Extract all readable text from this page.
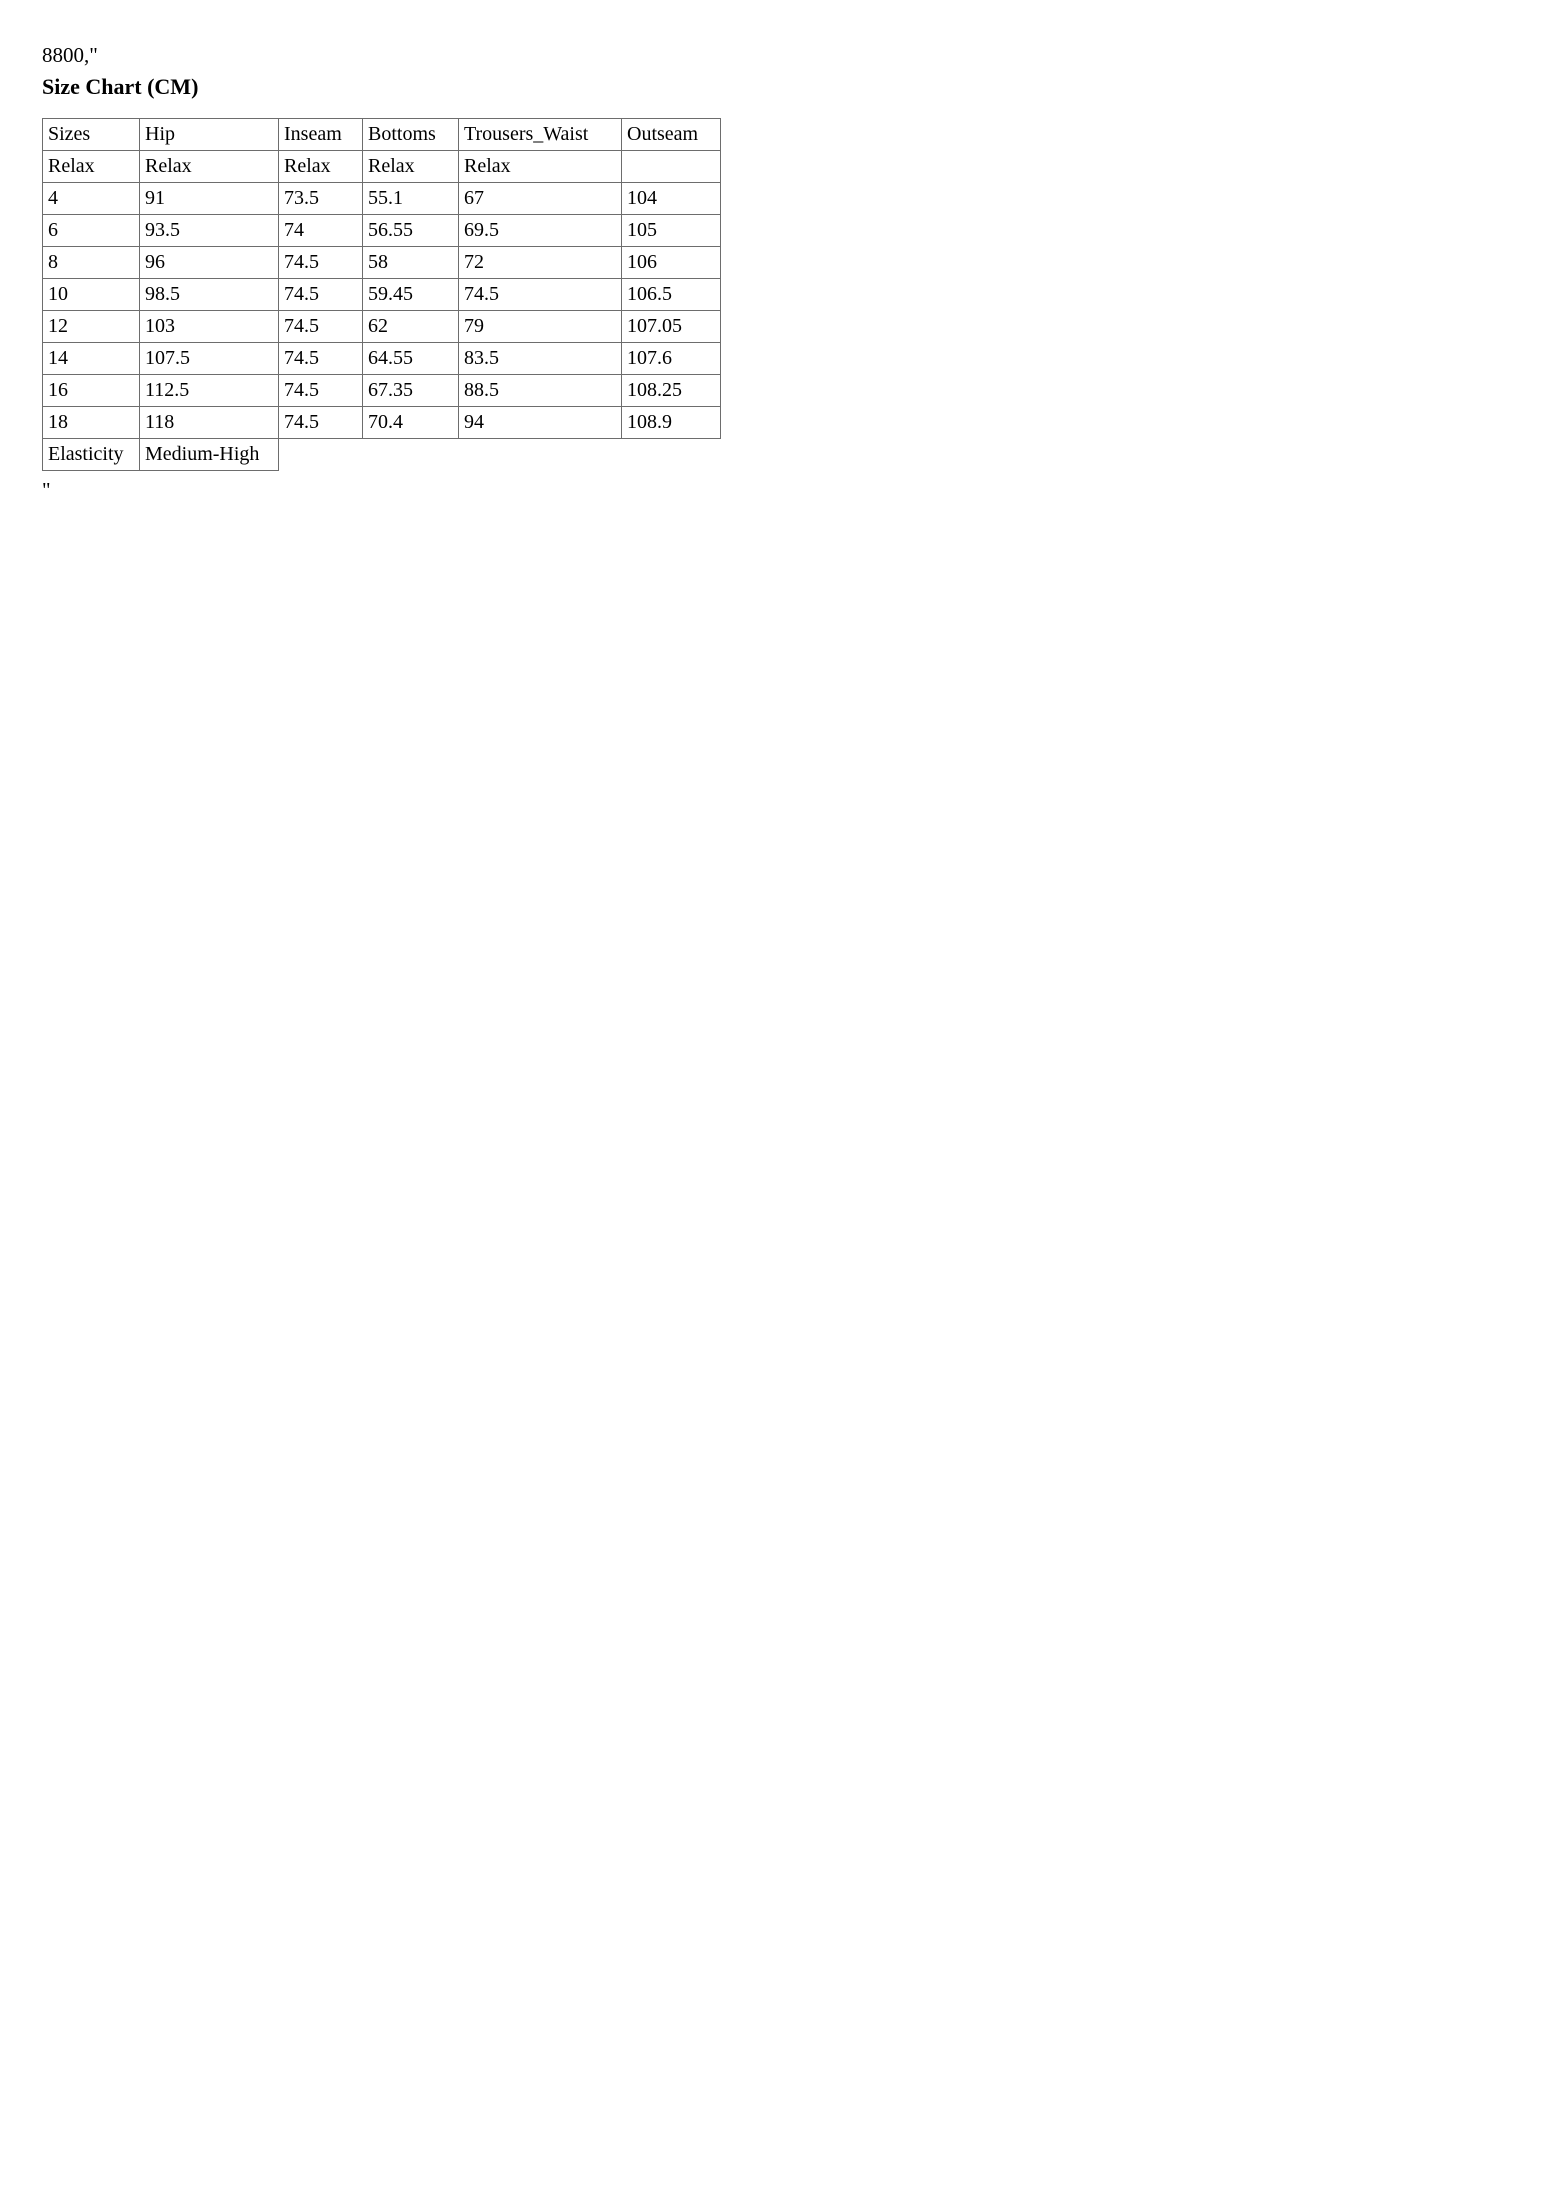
8800,"

Size Chart (CM)

Sizes	Hip	Inseam	Bottoms	Trousers_Waist	Outseam
Relax	Relax	Relax	Relax	Relax	
4	91	73.5	55.1	67	104
6	93.5	74	56.55	69.5	105
8	96	74.5	58	72	106
10	98.5	74.5	59.45	74.5	106.5
12	103	74.5	62	79	107.05
14	107.5	74.5	64.55	83.5	107.6
16	112.5	74.5	67.35	88.5	108.25
18	118	74.5	70.4	94	108.9
Elasticity	Medium-High

"
